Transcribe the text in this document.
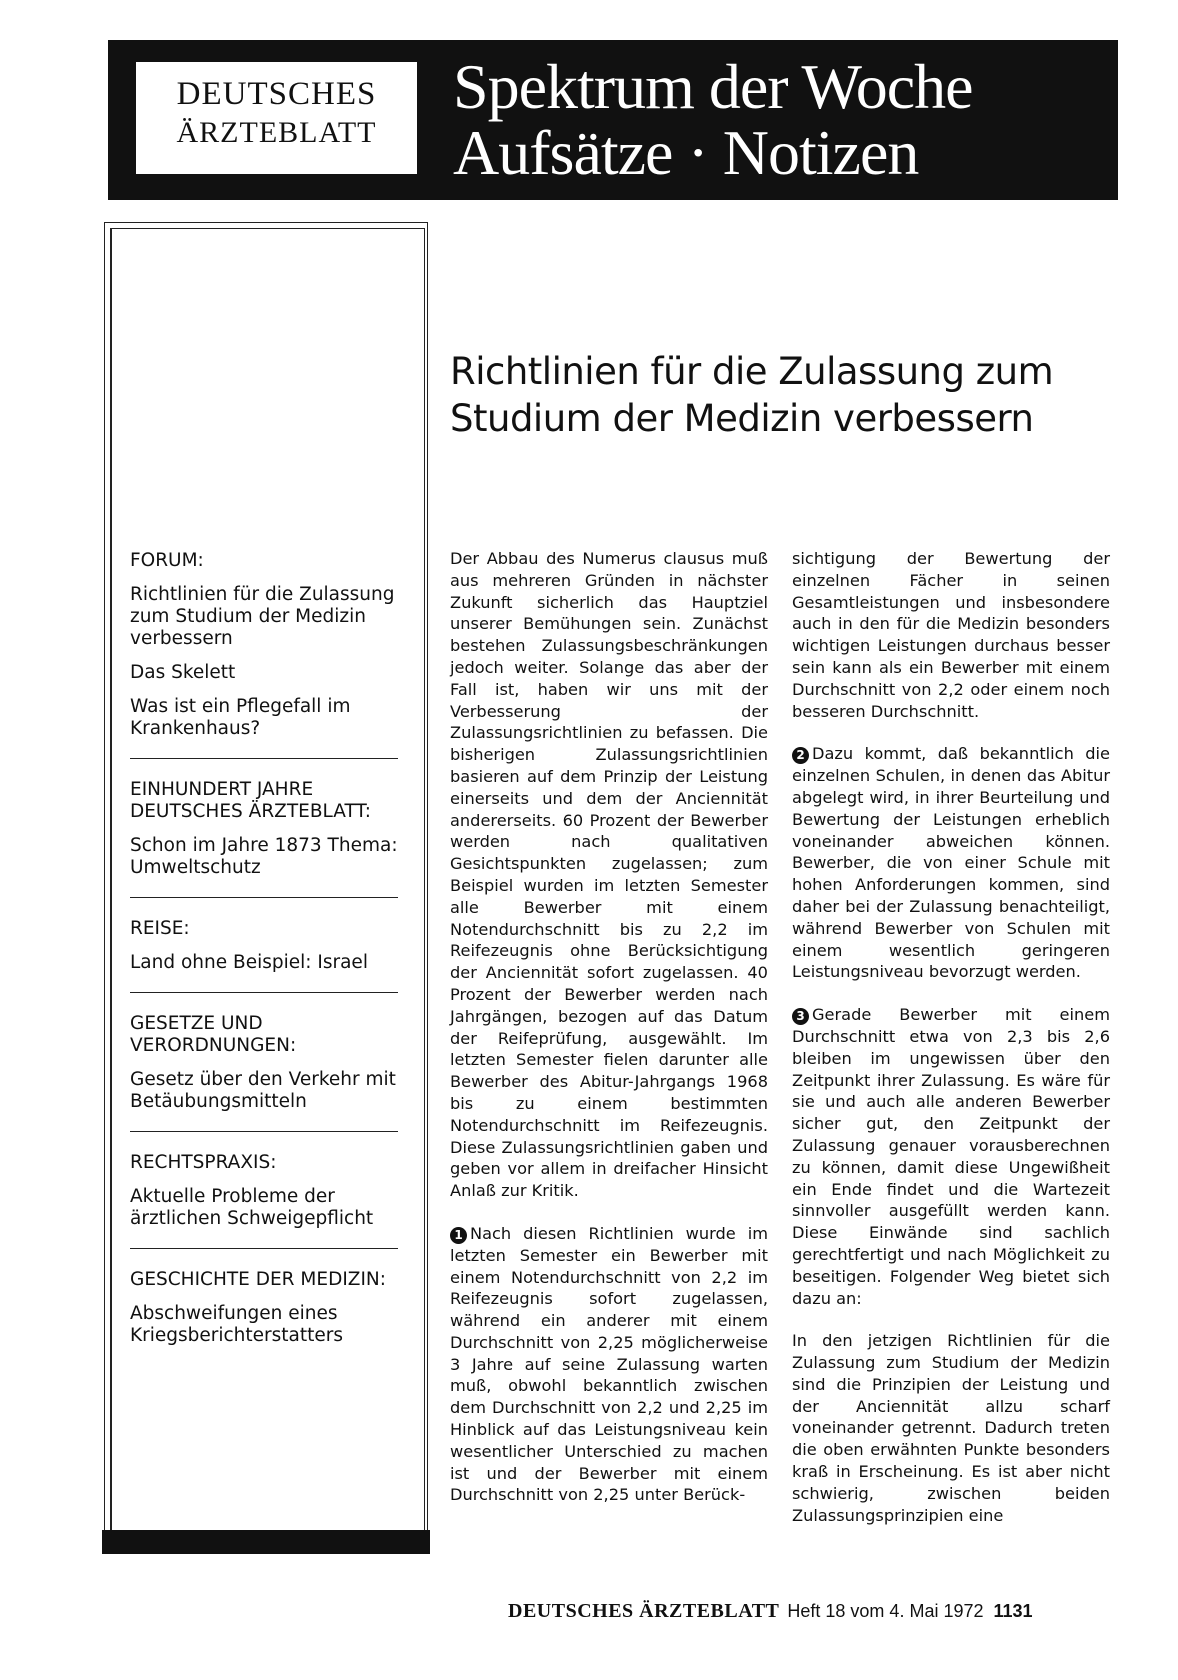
DEUTSCHES
ÄRZTEBLATT
Spektrum der Woche
Aufsätze · Notizen
FORUM:
Richtlinien für die Zulassung zum Studium der Medizin verbessern
Das Skelett
Was ist ein Pflegefall im Krankenhaus?
EINHUNDERT JAHRE DEUTSCHES ÄRZTEBLATT:
Schon im Jahre 1873 Thema: Umweltschutz
REISE:
Land ohne Beispiel: Israel
GESETZE UND VERORDNUNGEN:
Gesetz über den Verkehr mit Betäubungsmitteln
RECHTSPRAXIS:
Aktuelle Probleme der ärztlichen Schweigepflicht
GESCHICHTE DER MEDIZIN:
Abschweifungen eines Kriegsberichterstatters
Richtlinien für die Zulassung zum
Studium der Medizin verbessern

Der Abbau des Numerus clausus muß aus mehreren Gründen in nächster Zukunft sicherlich das Hauptziel unserer Bemühungen sein. Zunächst bestehen Zulassungsbeschränkungen jedoch weiter. Solange das aber der Fall ist, haben wir uns mit der Verbesserung der Zulassungsrichtlinien zu befassen. Die bisherigen Zulassungsrichtlinien basieren auf dem Prinzip der Leistung einerseits und dem der Anciennität andererseits. 60 Prozent der Bewerber werden nach qualitativen Gesichtspunkten zugelassen; zum Beispiel wurden im letzten Semester alle Bewerber mit einem Notendurchschnitt bis zu 2,2 im Reifezeugnis ohne Berücksichtigung der Anciennität sofort zugelassen. 40 Prozent der Bewerber werden nach Jahrgängen, bezogen auf das Datum der Reifeprüfung, ausgewählt. Im letzten Semester fielen darunter alle Bewerber des Abitur-Jahrgangs 1968 bis zu einem bestimmten Notendurchschnitt im Reifezeugnis. Diese Zulassungsrichtlinien gaben und geben vor allem in dreifacher Hinsicht Anlaß zur Kritik.

1 Nach diesen Richtlinien wurde im letzten Semester ein Bewerber mit einem Notendurchschnitt von 2,2 im Reifezeugnis sofort zugelassen, während ein anderer mit einem Durchschnitt von 2,25 möglicherweise 3 Jahre auf seine Zulassung warten muß, obwohl bekanntlich zwischen dem Durchschnitt von 2,2 und 2,25 im Hinblick auf das Leistungsniveau kein wesentlicher Unterschied zu machen ist und der Bewerber mit einem Durchschnitt von 2,25 unter Berück-

sichtigung der Bewertung der einzelnen Fächer in seinen Gesamtleistungen und insbesondere auch in den für die Medizin besonders wichtigen Leistungen durchaus besser sein kann als ein Bewerber mit einem Durchschnitt von 2,2 oder einem noch besseren Durchschnitt.

2 Dazu kommt, daß bekanntlich die einzelnen Schulen, in denen das Abitur abgelegt wird, in ihrer Beurteilung und Bewertung der Leistungen erheblich voneinander abweichen können. Bewerber, die von einer Schule mit hohen Anforderungen kommen, sind daher bei der Zulassung benachteiligt, während Bewerber von Schulen mit einem wesentlich geringeren Leistungsniveau bevorzugt werden.

3 Gerade Bewerber mit einem Durchschnitt etwa von 2,3 bis 2,6 bleiben im ungewissen über den Zeitpunkt ihrer Zulassung. Es wäre für sie und auch alle anderen Bewerber sicher gut, den Zeitpunkt der Zulassung genauer vorausberechnen zu können, damit diese Ungewißheit ein Ende findet und die Wartezeit sinnvoller ausgefüllt werden kann. Diese Einwände sind sachlich gerechtfertigt und nach Möglichkeit zu beseitigen. Folgender Weg bietet sich dazu an:

In den jetzigen Richtlinien für die Zulassung zum Studium der Medizin sind die Prinzipien der Leistung und der Anciennität allzu scharf voneinander getrennt. Dadurch treten die oben erwähnten Punkte besonders kraß in Erscheinung. Es ist aber nicht schwierig, zwischen beiden Zulassungsprinzipien eine

DEUTSCHES ÄRZTEBLATT Heft 18 vom 4. Mai 1972 1131
